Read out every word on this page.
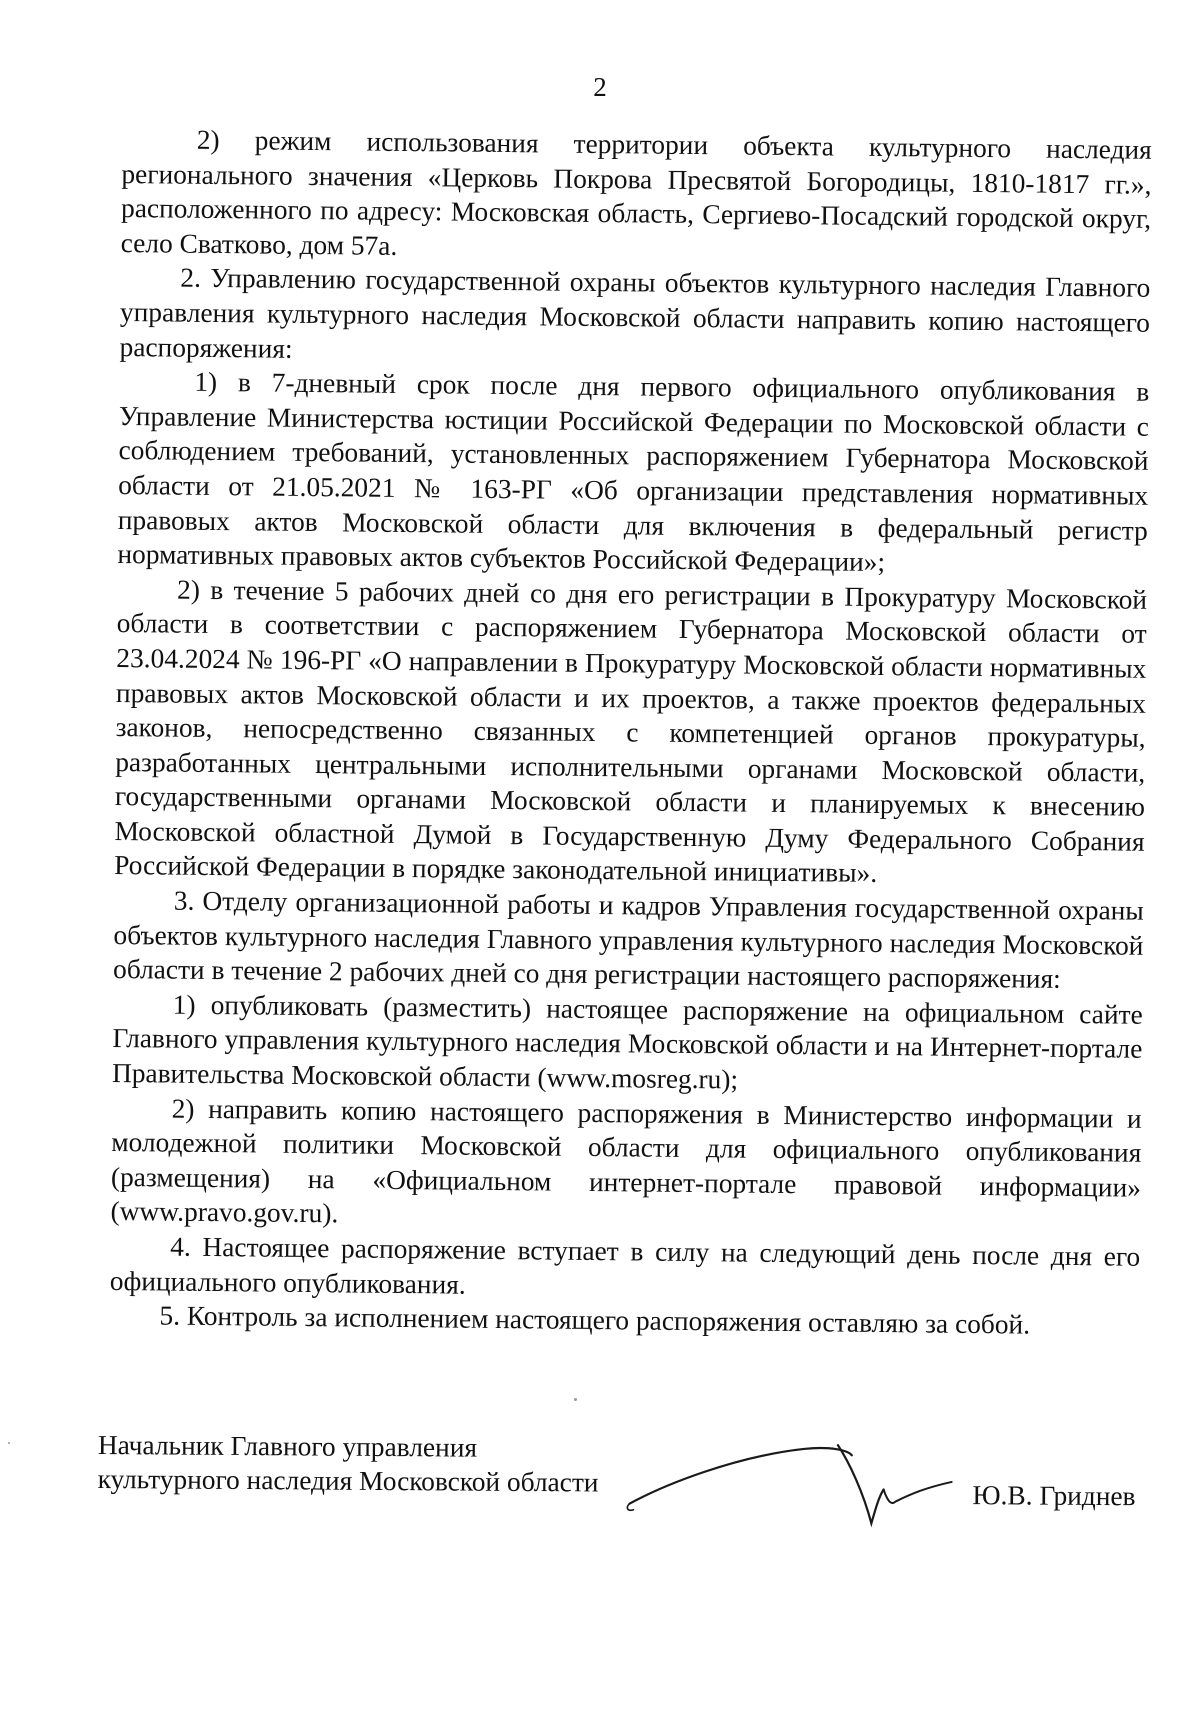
2

2) режим использования территории объекта культурного наследия регионального значения «Церковь Покрова Пресвятой Богородицы, 1810-1817 гг.», расположенного по адресу: Московская область, Сергиево-Посадский городской округ, село Сватково, дом 57а.

2. Управлению государственной охраны объектов культурного наследия Главного управления культурного наследия Московской области направить копию настоящего распоряжения:

1) в 7-дневный срок после дня первого официального опубликования в Управление Министерства юстиции Российской Федерации по Московской области с соблюдением требований, установленных распоряжением Губернатора Московской области от 21.05.2021 № 163-РГ «Об организации представления нормативных правовых актов Московской области для включения в федеральный регистр нормативных правовых актов субъектов Российской Федерации»;

2) в течение 5 рабочих дней со дня его регистрации в Прокуратуру Московской области в соответствии с распоряжением Губернатора Московской области от 23.04.2024 № 196-РГ «О направлении в Прокуратуру Московской области нормативных правовых актов Московской области и их проектов, а также проектов федеральных законов, непосредственно связанных с компетенцией органов прокуратуры, разработанных центральными исполнительными органами Московской области, государственными органами Московской области и планируемых к внесению Московской областной Думой в Государственную Думу Федерального Собрания Российской Федерации в порядке законодательной инициативы».

3. Отделу организационной работы и кадров Управления государственной охраны объектов культурного наследия Главного управления культурного наследия Московской области в течение 2 рабочих дней со дня регистрации настоящего распоряжения:

1) опубликовать (разместить) настоящее распоряжение на официальном сайте Главного управления культурного наследия Московской области и на Интернет-портале Правительства Московской области (www.mosreg.ru);

2) направить копию настоящего распоряжения в Министерство информации и молодежной политики Московской области для официального опубликования (размещения) на «Официальном интернет-портале правовой информации» (www.pravo.gov.ru).

4. Настоящее распоряжение вступает в силу на следующий день после дня его официального опубликования.

5. Контроль за исполнением настоящего распоряжения оставляю за собой.

Начальник Главного управления
культурного наследия Московской области	Ю.В. Гриднев
